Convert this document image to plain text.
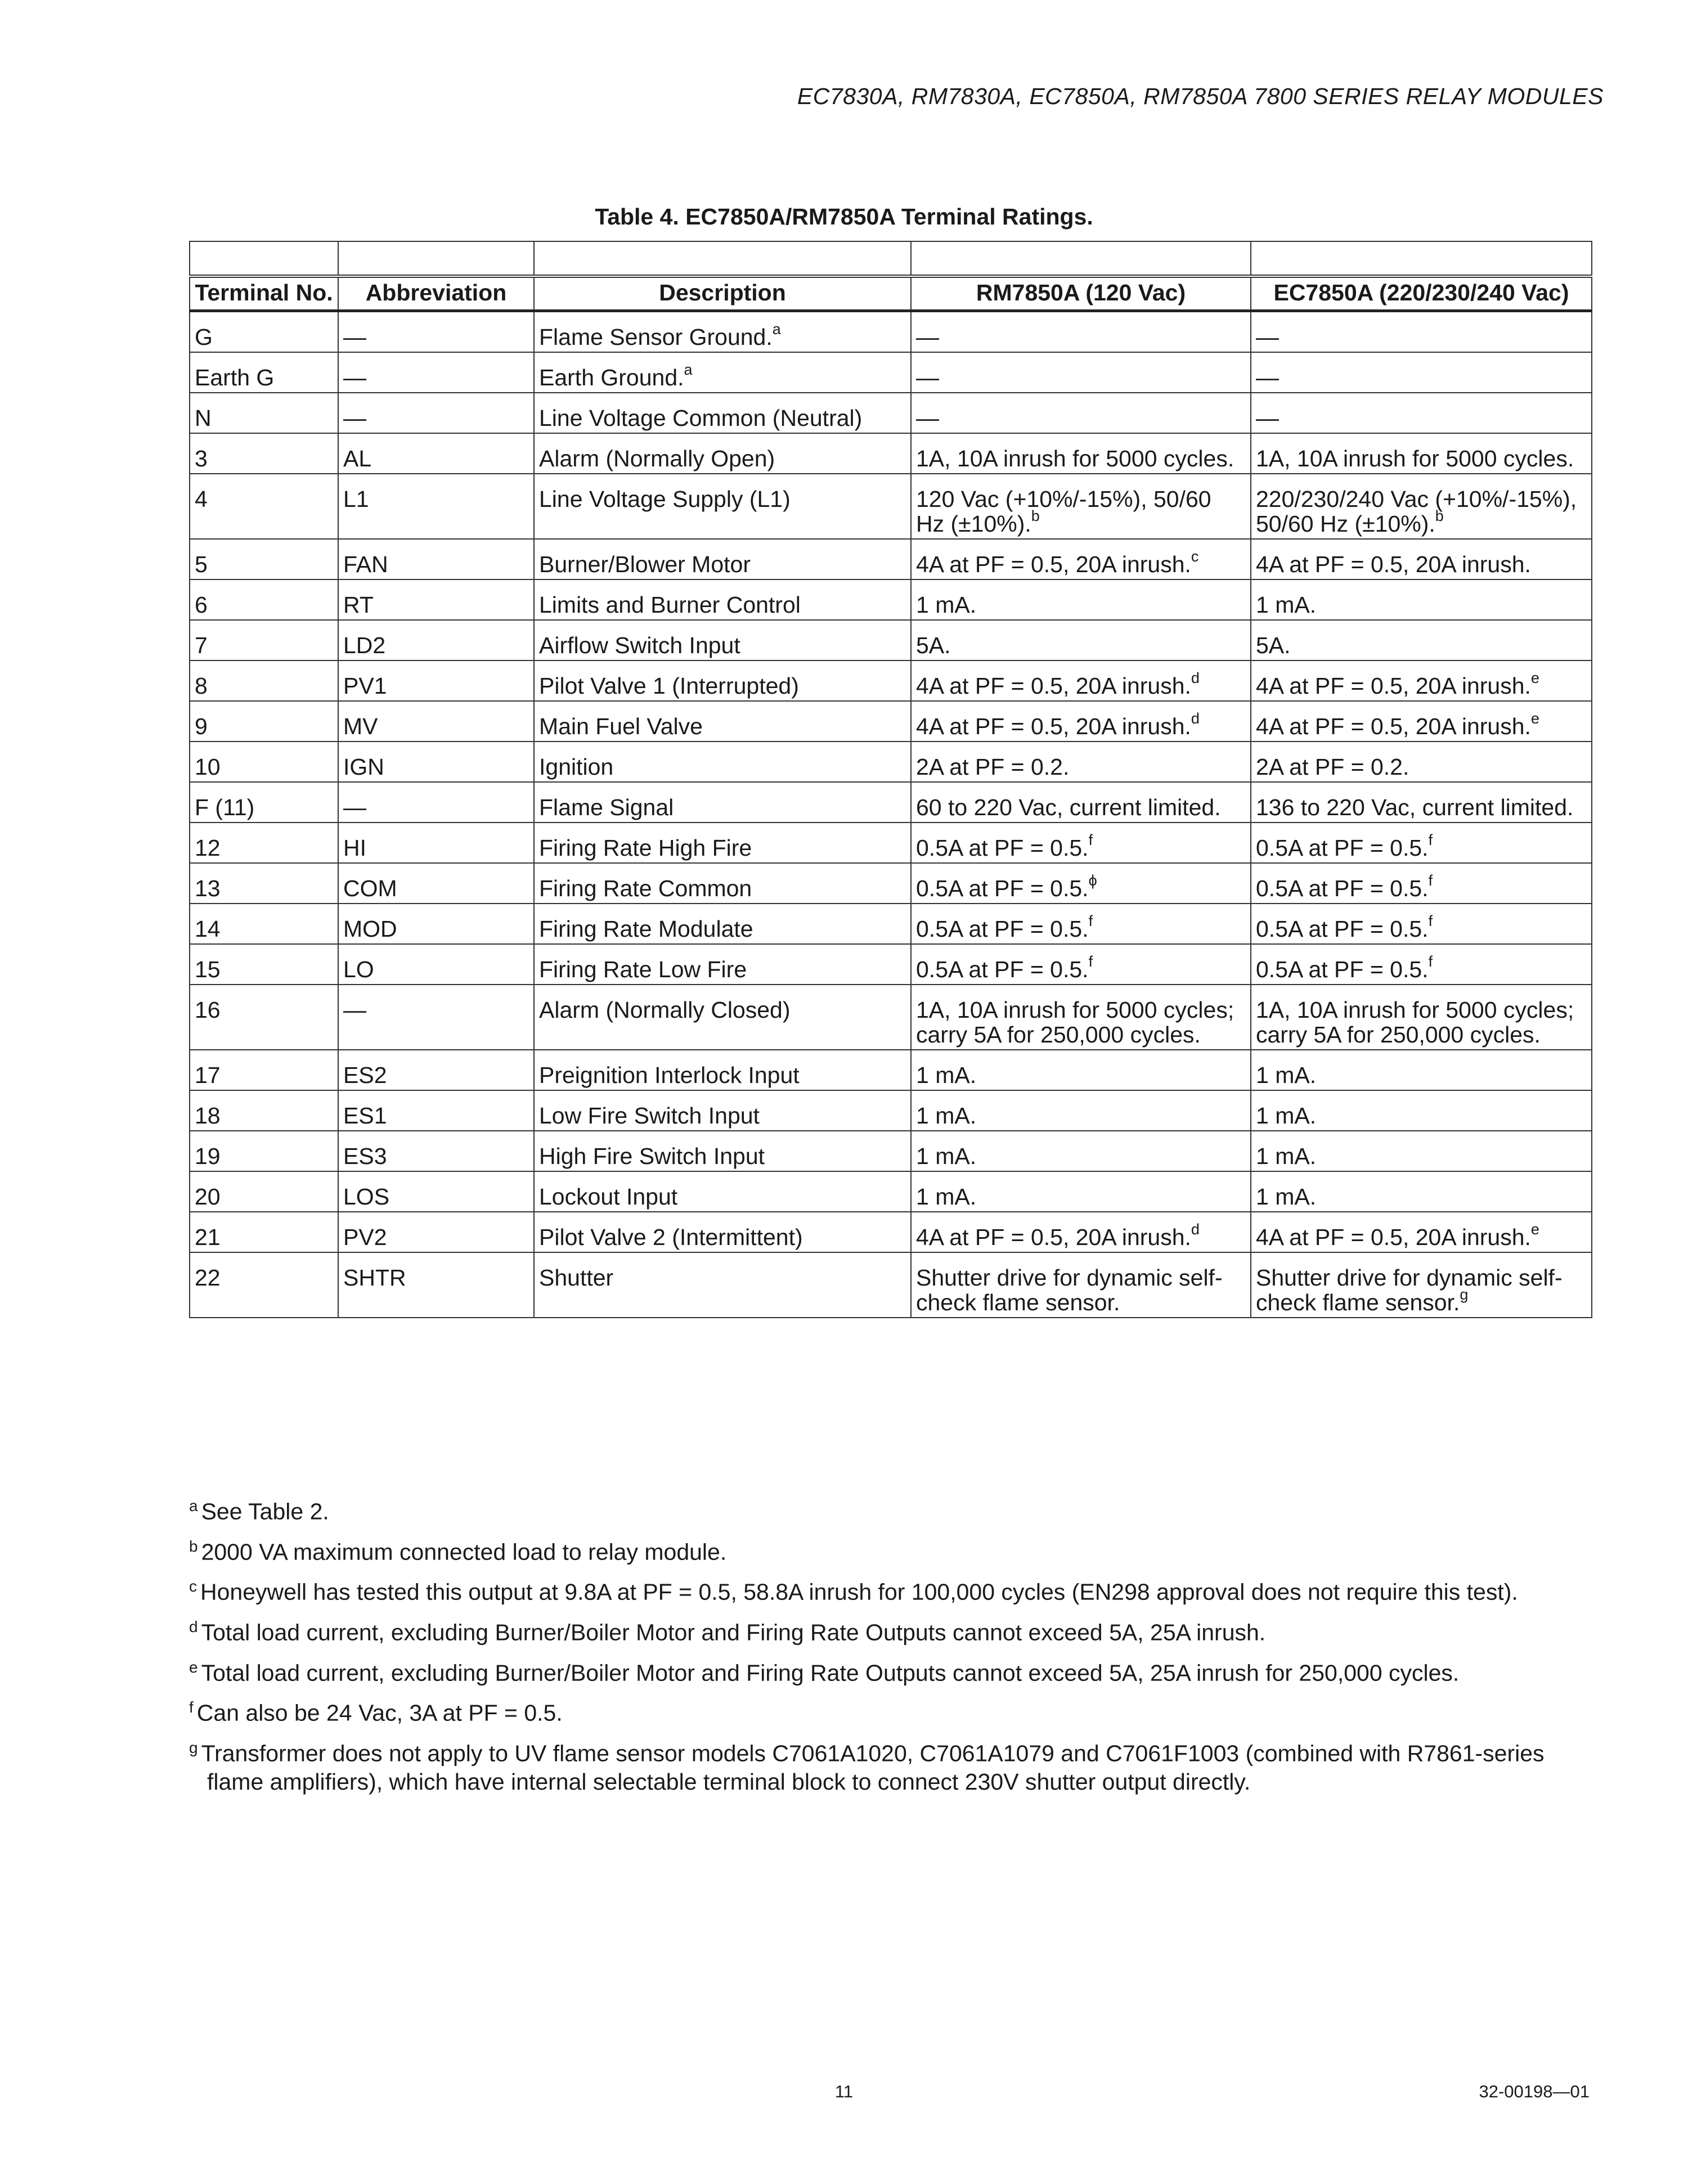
EC7830A, RM7830A, EC7850A, RM7850A 7800 SERIES RELAY MODULES
Table 4. EC7850A/RM7850A Terminal Ratings.

Terminal No.	Abbreviation	Description	RM7850A (120 Vac)	EC7850A (220/230/240 Vac)
G	—	Flame Sensor Ground.$^a$	—	—
Earth G	—	Earth Ground.$^a$	—	—
N	—	Line Voltage Common (Neutral)	—	—
3	AL	Alarm (Normally Open)	1A, 10A inrush for 5000 cycles.	1A, 10A inrush for 5000 cycles.
4	L1	Line Voltage Supply (L1)	120 Vac (+10%/-15%), 50/60 Hz (±10%).$^b$	220/230/240 Vac (+10%/-15%), 50/60 Hz (±10%).$^b$
5	FAN	Burner/Blower Motor	4A at PF = 0.5, 20A inrush.$^c$	4A at PF = 0.5, 20A inrush.
6	RT	Limits and Burner Control	1 mA.	1 mA.
7	LD2	Airflow Switch Input	5A.	5A.
8	PV1	Pilot Valve 1 (Interrupted)	4A at PF = 0.5, 20A inrush.$^d$	4A at PF = 0.5, 20A inrush.$^e$
9	MV	Main Fuel Valve	4A at PF = 0.5, 20A inrush.$^d$	4A at PF = 0.5, 20A inrush.$^e$
10	IGN	Ignition	2A at PF = 0.2.	2A at PF = 0.2.
F (11)	—	Flame Signal	60 to 220 Vac, current limited.	136 to 220 Vac, current limited.
12	HI	Firing Rate High Fire	0.5A at PF = 0.5.$^f$	0.5A at PF = 0.5.$^f$
13	COM	Firing Rate Common	0.5A at PF = 0.5.$^\phi$	0.5A at PF = 0.5.$^f$
14	MOD	Firing Rate Modulate	0.5A at PF = 0.5.$^f$	0.5A at PF = 0.5.$^f$
15	LO	Firing Rate Low Fire	0.5A at PF = 0.5.$^f$	0.5A at PF = 0.5.$^f$
16	—	Alarm (Normally Closed)	1A, 10A inrush for 5000 cycles; carry 5A for 250,000 cycles.	1A, 10A inrush for 5000 cycles; carry 5A for 250,000 cycles.
17	ES2	Preignition Interlock Input	1 mA.	1 mA.
18	ES1	Low Fire Switch Input	1 mA.	1 mA.
19	ES3	High Fire Switch Input	1 mA.	1 mA.
20	LOS	Lockout Input	1 mA.	1 mA.
21	PV2	Pilot Valve 2 (Intermittent)	4A at PF = 0.5, 20A inrush.$^d$	4A at PF = 0.5, 20A inrush.$^e$
22	SHTR	Shutter	Shutter drive for dynamic self-check flame sensor.	Shutter drive for dynamic self-check flame sensor.$^g$
$^a$ See Table 2.
$^b$ 2000 VA maximum connected load to relay module.
$^c$ Honeywell has tested this output at 9.8A at PF = 0.5, 58.8A inrush for 100,000 cycles (EN298 approval does not require this test).
$^d$ Total load current, excluding Burner/Boiler Motor and Firing Rate Outputs cannot exceed 5A, 25A inrush.
$^e$ Total load current, excluding Burner/Boiler Motor and Firing Rate Outputs cannot exceed 5A, 25A inrush for 250,000 cycles.
$^f$ Can also be 24 Vac, 3A at PF = 0.5.
$^g$ Transformer does not apply to UV flame sensor models C7061A1020, C7061A1079 and C7061F1003 (combined with R7861-series flame amplifiers), which have internal selectable terminal block to connect 230V shutter output directly.
11	32-00198—01
